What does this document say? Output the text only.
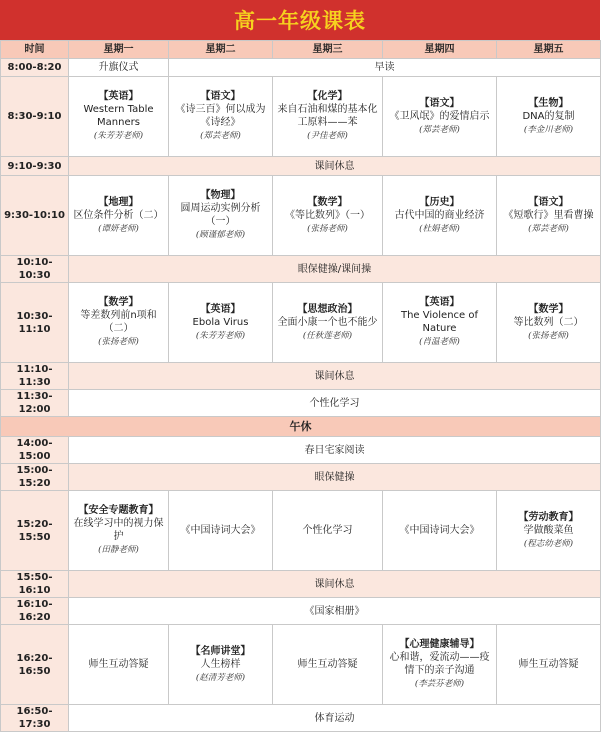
高一年级课表
时间	星期一	星期二	星期三	星期四	星期五
8:00-8:20	升旗仪式	早读			
8:30-9:10	【英语】
Western Table Manners
(朱芳芳老师)	【语文】
《诗三百》何以成为《诗经》
(郑芸老师)	【化学】
来自石油和煤的基本化工原料——苯
(尹佳老师)	【语文】
《卫风氓》的爱情启示
(郑芸老师)	【生物】
DNA的复制
(李金川老师)

9:10-9:30	课间休息				
9:30-10:10	【地理】
区位条件分析（二）
(谭妍老师)	【物理】
圆周运动实例分析（一）
(顾谨郁老师)	【数学】
《等比数列》（一）
(张扬老师)	【历史】
古代中国的商业经济
(杜娟老师)	【语文】
《短歌行》里看曹操
(郑芸老师)

10:10-10:30	眼保健操/课间操				
10:30-11:10	【数学】
等差数列前n项和（二）
(张扬老师)	【英语】
Ebola Virus
(朱芳芳老师)	【思想政治】
全面小康一个也不能少
(任秋莲老师)	【英语】
The Violence of Nature
(肖温老师)	【数学】
等比数列（二）
(张扬老师)

11:10-11:30	课间休息				
11:30-12:00	个性化学习				
午休					
14:00-15:00	春日宅家阅读				
15:00-15:20	眼保健操				
15:20-15:50	【安全专题教育】
在线学习中的视力保护
(田静老师)	《中国诗词大会》	个性化学习	《中国诗词大会》	【劳动教育】
学做酸菜鱼
(程志幼老师)

15:50-16:10	课间休息				
16:10-16:20	《国家相册》				
16:20-16:50	师生互动答疑	【名师讲堂】
人生榜样
(赵清芳老师)	师生互动答疑	【心理健康辅导】
心和谐，爱流动——疫情下的亲子沟通
(李芸芬老师)	师生互动答疑

16:50-17:30	体育运动				
